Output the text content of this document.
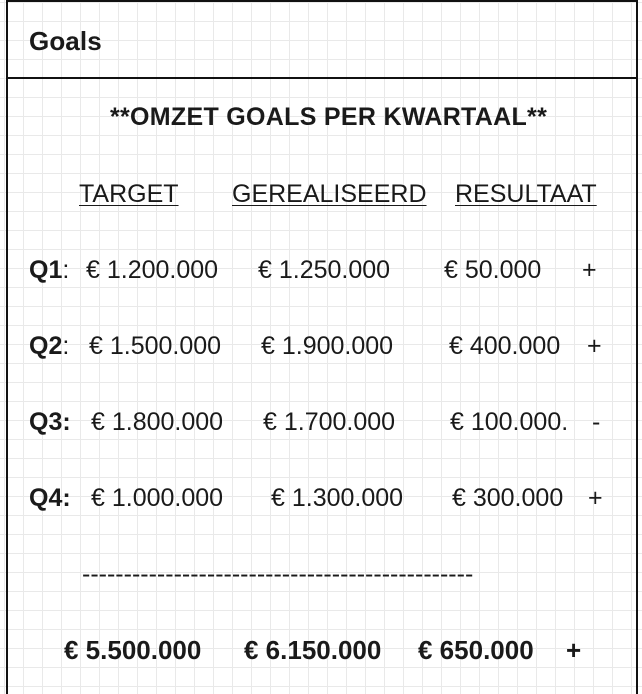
Goals
**OMZET GOALS PER KWARTAAL**
TARGET GEREALISEERD RESULTAAT
Q1: € 1.200.000 € 1.250.000 € 50.000 +
Q2: € 1.500.000 € 1.900.000 € 400.000 +
Q3: € 1.800.000 € 1.700.000 € 100.000. -
Q4: € 1.000.000 € 1.300.000 € 300.000 +
-----------------------------------------------
€ 5.500.000 € 6.150.000 € 650.000 +
